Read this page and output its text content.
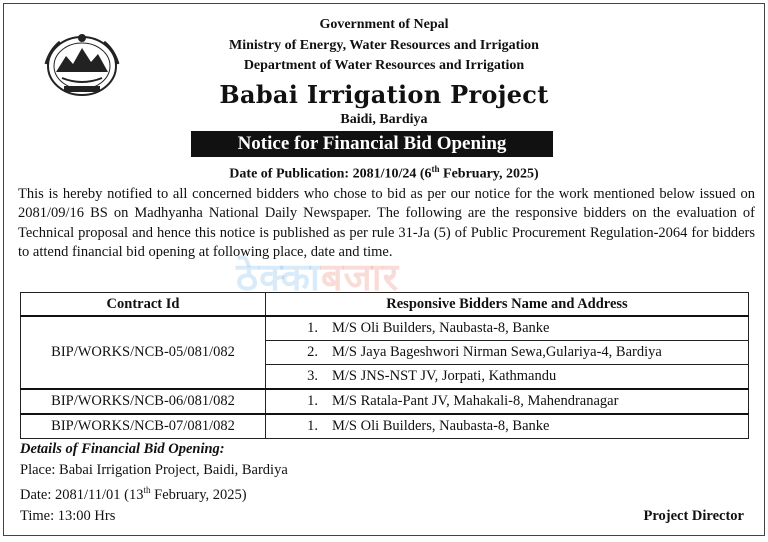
Government of Nepal
Ministry of Energy, Water Resources and Irrigation
Department of Water Resources and Irrigation
Babai Irrigation Project
Baidi, Bardiya
Notice for Financial Bid Opening
Date of Publication: 2081/10/24 (6th February, 2025)

This is hereby notified to all concerned bidders who chose to bid as per our notice for the work mentioned below issued on 2081/09/16 BS on Madhyanha National Daily Newspaper. The following are the responsive bidders on the evaluation of Technical proposal and hence this notice is published as per rule 31-Ja (5) of Public Procurement Regulation-2064 for bidders to attend financial bid opening at following place, date and time.

ठेक्काबजार
Contract Id	Responsive Bidders Name and Address
BIP/WORKS/NCB-05/081/082	1. M/S Oli Builders, Naubasta-8, Banke
	2. M/S Jaya Bageshwori Nirman Sewa,Gulariya-4, Bardiya
	3. M/S JNS-NST JV, Jorpati, Kathmandu
BIP/WORKS/NCB-06/081/082	1. M/S Ratala-Pant JV, Mahakali-8, Mahendranagar
BIP/WORKS/NCB-07/081/082	1. M/S Oli Builders, Naubasta-8, Banke
Details of Financial Bid Opening:
Place: Babai Irrigation Project, Baidi, Bardiya
Date: 2081/11/01 (13th February, 2025)
Time: 13:00 Hrs	Project Director
